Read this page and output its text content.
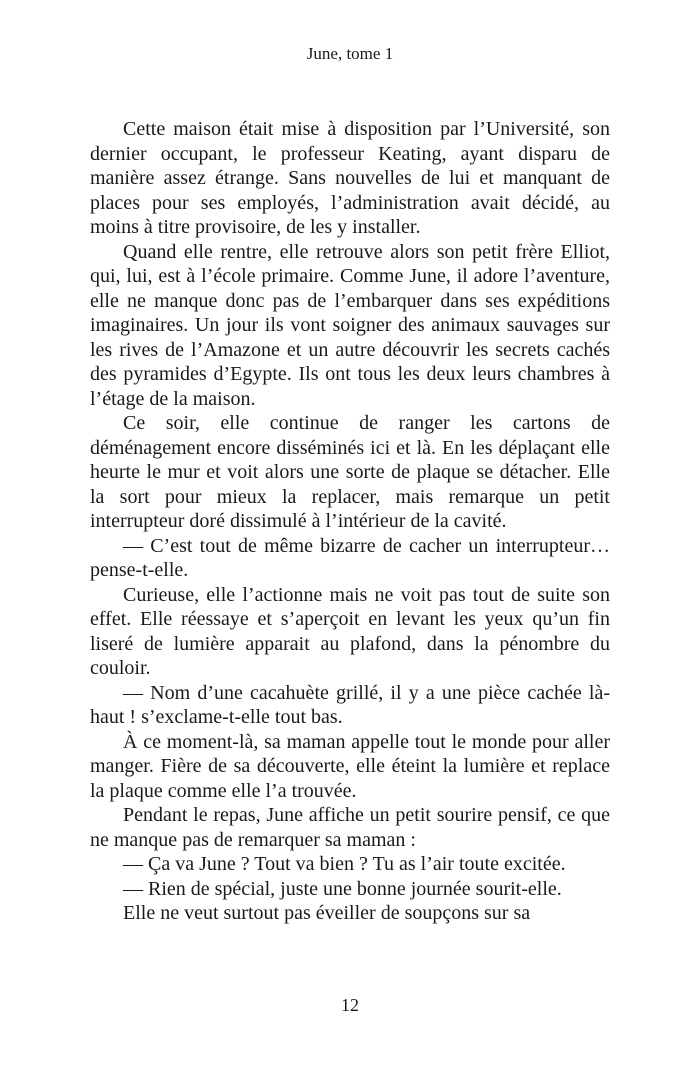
June, tome 1

Cette maison était mise à disposition par l’Université, son dernier occupant, le professeur Keating, ayant disparu de manière assez étrange. Sans nouvelles de lui et manquant de places pour ses employés, l’administration avait décidé, au moins à titre provisoire, de les y installer.

Quand elle rentre, elle retrouve alors son petit frère Elliot, qui, lui, est à l’école primaire. Comme June, il adore l’aventure, elle ne manque donc pas de l’embarquer dans ses expéditions imaginaires. Un jour ils vont soigner des animaux sauvages sur les rives de l’Amazone et un autre découvrir les secrets cachés des pyramides d’Egypte. Ils ont tous les deux leurs chambres à l’étage de la maison.

Ce soir, elle continue de ranger les cartons de déménagement encore disséminés ici et là. En les déplaçant elle heurte le mur et voit alors une sorte de plaque se détacher. Elle la sort pour mieux la replacer, mais remarque un petit interrupteur doré dissimulé à l’intérieur de la cavité.

— C’est tout de même bizarre de cacher un interrupteur… pense-t-elle.

Curieuse, elle l’actionne mais ne voit pas tout de suite son effet. Elle réessaye et s’aperçoit en levant les yeux qu’un fin liseré de lumière apparait au plafond, dans la pénombre du couloir.

— Nom d’une cacahuète grillé, il y a une pièce cachée là-haut ! s’exclame-t-elle tout bas.

À ce moment-là, sa maman appelle tout le monde pour aller manger. Fière de sa découverte, elle éteint la lumière et replace la plaque comme elle l’a trouvée.

Pendant le repas, June affiche un petit sourire pensif, ce que ne manque pas de remarquer sa maman :

— Ça va June ? Tout va bien ? Tu as l’air toute excitée.

— Rien de spécial, juste une bonne journée sourit-elle.

Elle ne veut surtout pas éveiller de soupçons sur sa

12
